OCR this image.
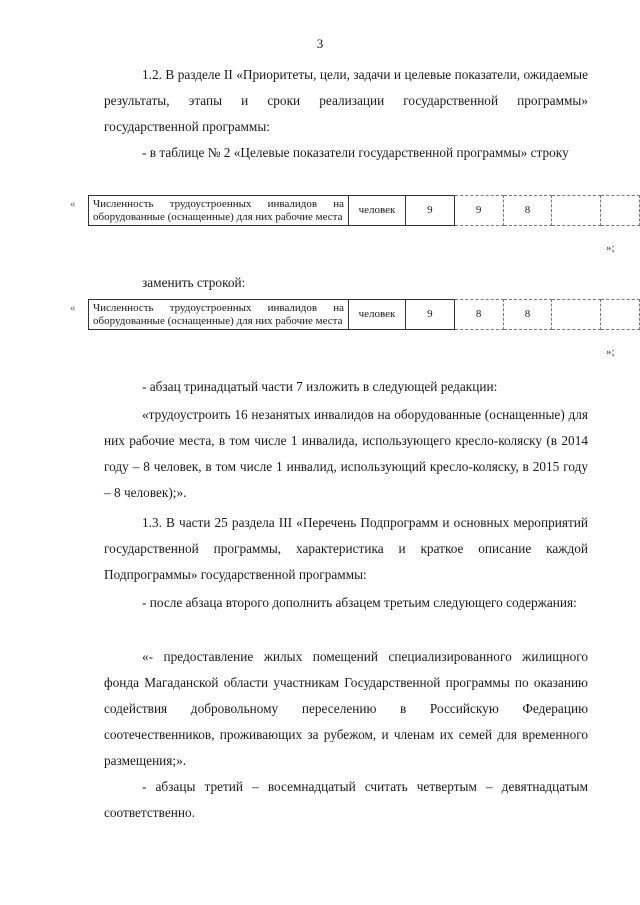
3
1.2. В разделе II «Приоритеты, цели, задачи и целевые показатели, ожидаемые результаты, этапы и сроки реализации государственной программы» государственной программы:
- в таблице № 2 «Целевые показатели государственной программы» строку
« Численность трудоустроенных инвалидов на оборудованные (оснащенные) для них рабочие места	человек	9	9	8		
»;
заменить строкой:
« Численность трудоустроенных инвалидов на оборудованные (оснащенные) для них рабочие места	человек	9	8	8		
»;
- абзац тринадцатый части 7 изложить в следующей редакции:
«трудоустроить 16 незанятых инвалидов на оборудованные (оснащенные) для них рабочие места, в том числе 1 инвалида, использующего кресло-коляску (в 2014 году – 8 человек, в том числе 1 инвалид, использующий кресло-коляску, в 2015 году – 8 человек);».
1.3. В части 25 раздела III «Перечень Подпрограмм и основных мероприятий государственной программы, характеристика и краткое описание каждой Подпрограммы» государственной программы:
- после абзаца второго дополнить абзацем третьим следующего содержания:
«- предоставление жилых помещений специализированного жилищного фонда Магаданской области участникам Государственной программы по оказанию содействия добровольному переселению в Российскую Федерацию соотечественников, проживающих за рубежом, и членам их семей для временного размещения;».
- абзацы третий – восемнадцатый считать четвертым – девятнадцатым соответственно.
